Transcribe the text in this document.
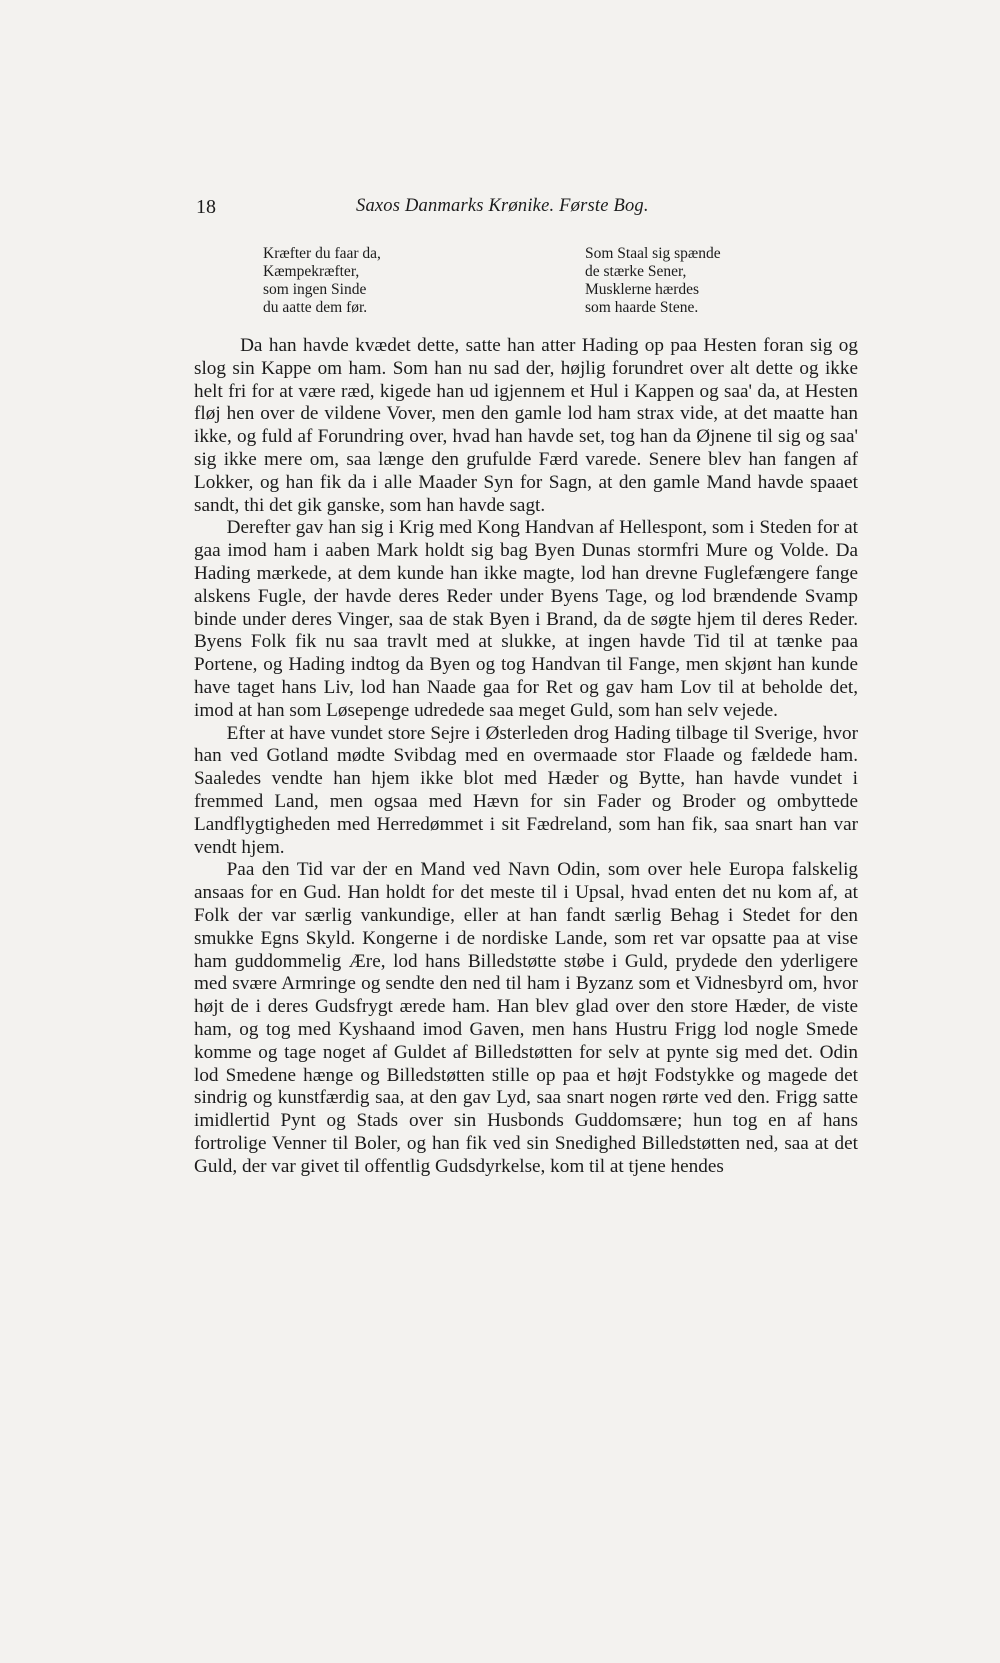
18	Saxos Danmarks Krønike. Første Bog.
Kræfter du faar da,
Kæmpekræfter,
som ingen Sinde
du aatte dem før.
Som Staal sig spænde
de stærke Sener,
Musklerne hærdes
som haarde Stene.

Da han havde kvædet dette, satte han atter Hading op paa Hesten foran sig og slog sin Kappe om ham. Som han nu sad der, højlig forundret over alt dette og ikke helt fri for at være ræd, kigede han ud igjennem et Hul i Kappen og saa' da, at Hesten fløj hen over de vildene Vover, men den gamle lod ham strax vide, at det maatte han ikke, og fuld af Forundring over, hvad han havde set, tog han da Øjnene til sig og saa' sig ikke mere om, saa længe den grufulde Færd varede. Senere blev han fangen af Lokker, og han fik da i alle Maader Syn for Sagn, at den gamle Mand havde spaaet sandt, thi det gik ganske, som han havde sagt.

Derefter gav han sig i Krig med Kong Handvan af Hellespont, som i Steden for at gaa imod ham i aaben Mark holdt sig bag Byen Dunas stormfri Mure og Volde. Da Hading mærkede, at dem kunde han ikke magte, lod han drevne Fuglefængere fange alskens Fugle, der havde deres Reder under Byens Tage, og lod brændende Svamp binde under deres Vinger, saa de stak Byen i Brand, da de søgte hjem til deres Reder. Byens Folk fik nu saa travlt med at slukke, at ingen havde Tid til at tænke paa Portene, og Hading indtog da Byen og tog Handvan til Fange, men skjønt han kunde have taget hans Liv, lod han Naade gaa for Ret og gav ham Lov til at beholde det, imod at han som Løsepenge udredede saa meget Guld, som han selv vejede.

Efter at have vundet store Sejre i Østerleden drog Hading tilbage til Sverige, hvor han ved Gotland mødte Svibdag med en overmaade stor Flaade og fældede ham. Saaledes vendte han hjem ikke blot med Hæder og Bytte, han havde vundet i fremmed Land, men ogsaa med Hævn for sin Fader og Broder og ombyttede Landflygtigheden med Herredømmet i sit Fædreland, som han fik, saa snart han var vendt hjem.

Paa den Tid var der en Mand ved Navn Odin, som over hele Europa falskelig ansaas for en Gud. Han holdt for det meste til i Upsal, hvad enten det nu kom af, at Folk der var særlig vankundige, eller at han fandt særlig Behag i Stedet for den smukke Egns Skyld. Kongerne i de nordiske Lande, som ret var opsatte paa at vise ham guddommelig Ære, lod hans Billedstøtte støbe i Guld, prydede den yderligere med svære Armringe og sendte den ned til ham i Byzanz som et Vidnesbyrd om, hvor højt de i deres Gudsfrygt ærede ham. Han blev glad over den store Hæder, de viste ham, og tog med Kyshaand imod Gaven, men hans Hustru Frigg lod nogle Smede komme og tage noget af Guldet af Billedstøtten for selv at pynte sig med det. Odin lod Smedene hænge og Billedstøtten stille op paa et højt Fodstykke og magede det sindrig og kunstfærdig saa, at den gav Lyd, saa snart nogen rørte ved den. Frigg satte imidlertid Pynt og Stads over sin Husbonds Guddomsære; hun tog en af hans fortrolige Venner til Boler, og han fik ved sin Snedighed Billedstøtten ned, saa at det Guld, der var givet til offentlig Gudsdyrkelse, kom til at tjene hendes
